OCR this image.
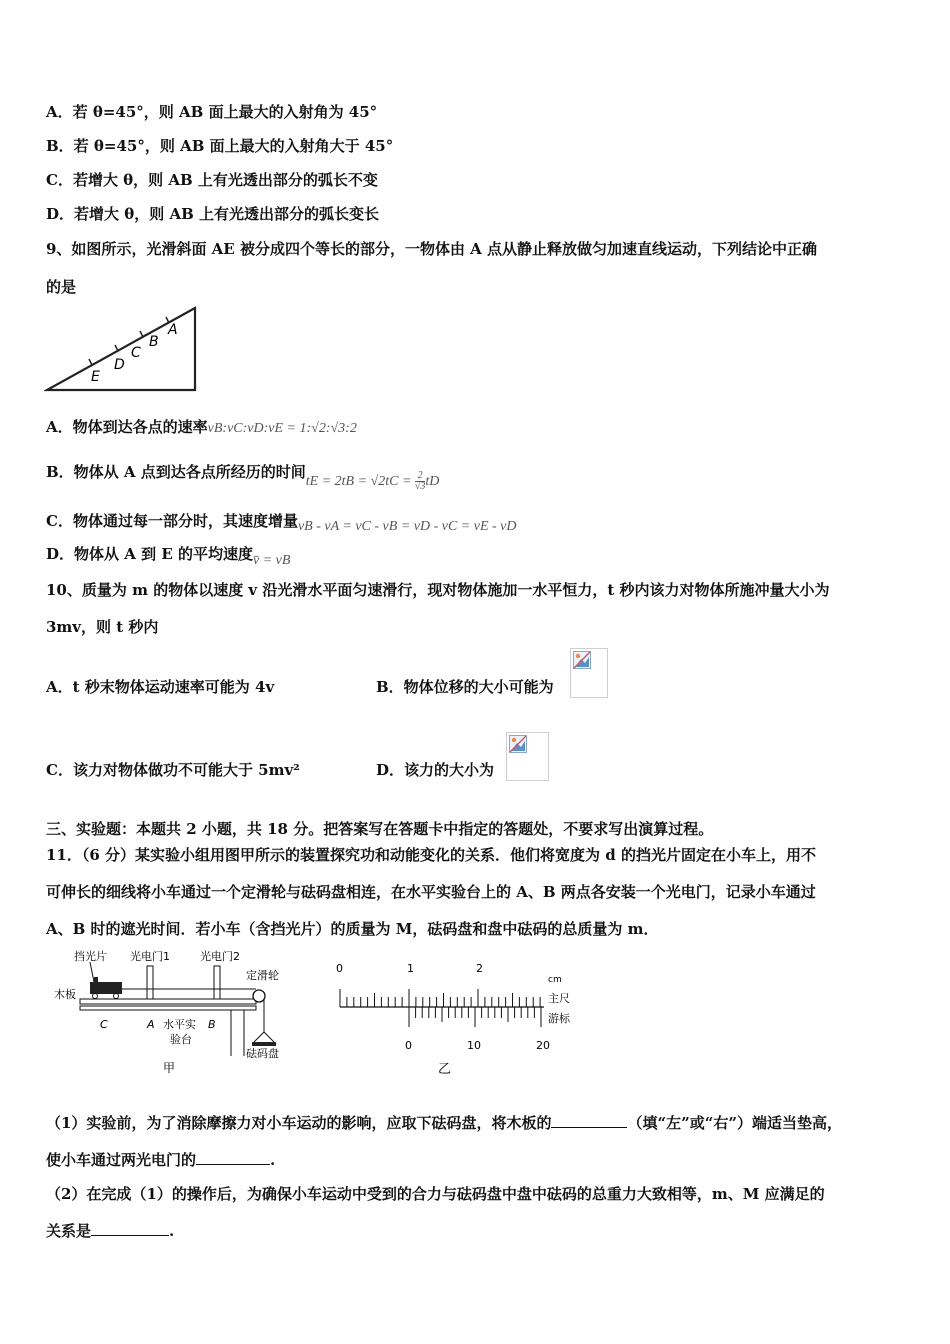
A．若 θ=45°，则 AB 面上最大的入射角为 45°
B．若 θ=45°，则 AB 面上最大的入射角大于 45°
C．若增大 θ，则 AB 上有光透出部分的弧长不变
D．若增大 θ，则 AB 上有光透出部分的弧长变长
9、如图所示，光滑斜面 AE 被分成四个等长的部分，一物体由 A 点从静止释放做匀加速直线运动，下列结论中正确
的是
E
D
C
B
A
A．物体到达各点的速率vB:vC:vD:vE = 1:√2:√3:2
B．物体从 A 点到达各点所经历的时间tE = $2tB = √2tC = \frac{2}{√3}$ tD
C．物体通过每一部分时，其速度增量vB - vA = vC - vB = vD - vC = vE - vD
D．物体从 A 到 E 的平均速度v̄ = vB
10、质量为 m 的物体以速度 v 沿光滑水平面匀速滑行，现对物体施加一水平恒力，t 秒内该力对物体所施冲量大小为
3mv，则 t 秒内
A．t 秒末物体运动速率可能为 4v	B．物体位移的大小可能为
C．该力对物体做功不可能大于 5mv²	D．该力的大小为
三、实验题：本题共 2 小题，共 18 分。把答案写在答题卡中指定的答题处，不要求写出演算过程。
11．（6 分）某实验小组用图甲所示的装置探究功和动能变化的关系．他们将宽度为 d 的挡光片固定在小车上，用不
可伸长的细线将小车通过一个定滑轮与砝码盘相连，在水平实验台上的 A、B 两点各安装一个光电门，记录小车通过
A、B 时的遮光时间．若小车（含挡光片）的质量为 M，砝码盘和盘中砝码的总质量为 m．
挡光片 光电门1	光电门2
定滑轮
木板
C	A 水平实
验台
B
砝码盘
甲
0	1	2
cm
主尺
游标
0	10	20
乙
（1）实验前，为了消除摩擦力对小车运动的影响，应取下砝码盘，将木板的	（填“左”或“右”）端适当垫高，
使小车通过两光电门的	.
（2）在完成（1）的操作后，为确保小车运动中受到的合力与砝码盘中盘中砝码的总重力大致相等，m、M 应满足的
关系是	.
